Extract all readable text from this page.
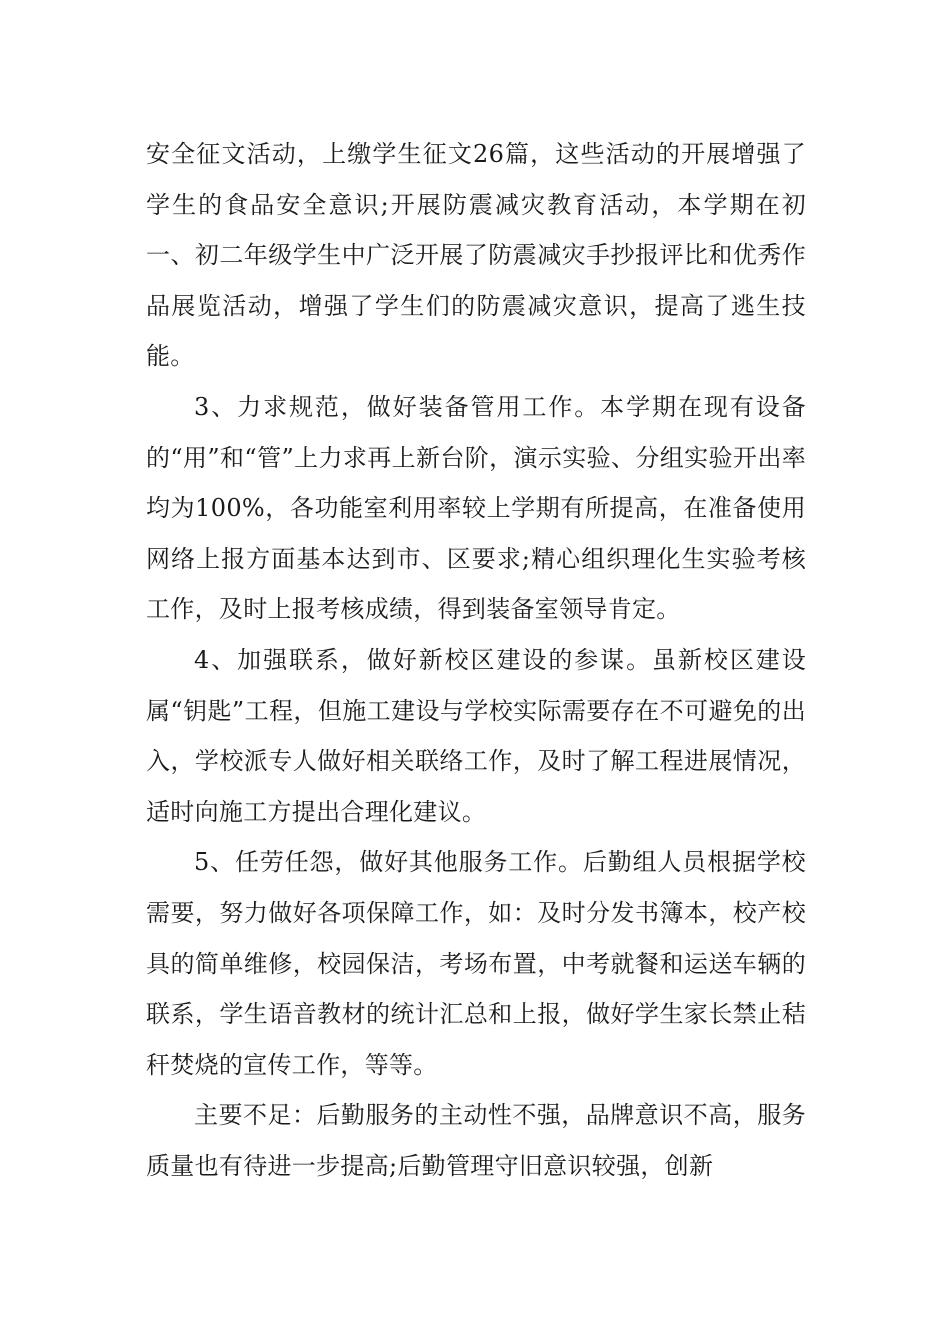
安全征文活动，上缴学生征文26篇，这些活动的开展增强了学生的食品安全意识;开展防震减灾教育活动，本学期在初一、初二年级学生中广泛开展了防震减灾手抄报评比和优秀作品展览活动，增强了学生们的防震减灾意识，提高了逃生技能。

3、力求规范，做好装备管用工作。本学期在现有设备的“用”和“管”上力求再上新台阶，演示实验、分组实验开出率均为100%，各功能室利用率较上学期有所提高，在准备使用网络上报方面基本达到市、区要求;精心组织理化生实验考核工作，及时上报考核成绩，得到装备室领导肯定。

4、加强联系，做好新校区建设的参谋。虽新校区建设属“钥匙”工程，但施工建设与学校实际需要存在不可避免的出入，学校派专人做好相关联络工作，及时了解工程进展情况，适时向施工方提出合理化建议。

5、任劳任怨，做好其他服务工作。后勤组人员根据学校需要，努力做好各项保障工作，如：及时分发书簿本，校产校具的简单维修，校园保洁，考场布置，中考就餐和运送车辆的联系，学生语音教材的统计汇总和上报，做好学生家长禁止秸秆焚烧的宣传工作，等等。

主要不足：后勤服务的主动性不强，品牌意识不高，服务质量也有待进一步提高;后勤管理守旧意识较强，创新
